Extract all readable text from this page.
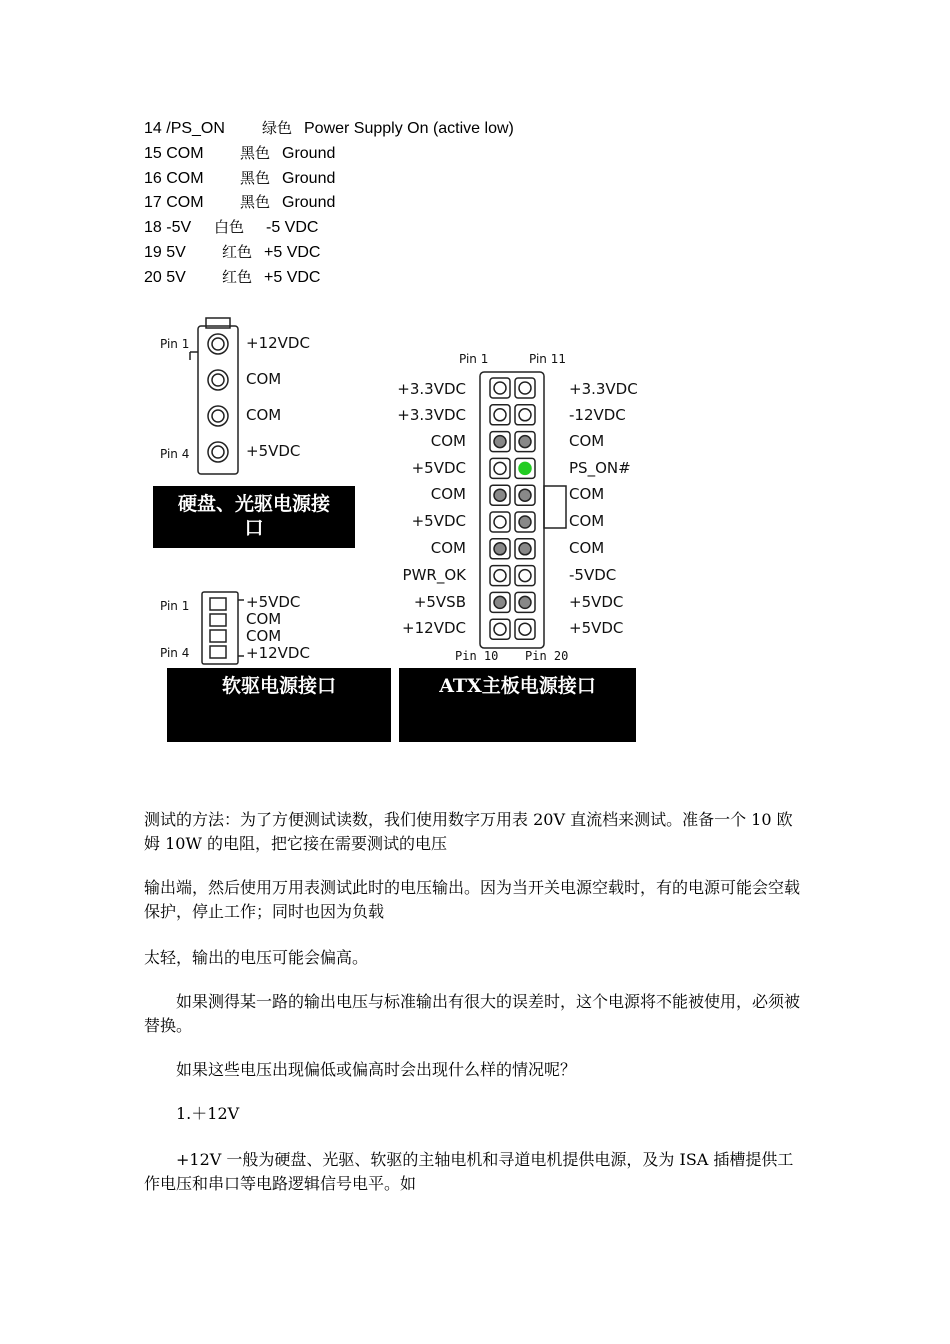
14 /PS_ON 绿色 Power Supply On (active low)
15 COM 黑色 Ground
16 COM 黑色 Ground
17 COM 黑色 Ground
18 -5V 白色 -5 VDC
19 5V 红色 +5 VDC
20 5V 红色 +5 VDC
Pin 1
Pin 4
+12VDC
COM
COM
+5VDC
硬盘、光驱电源接
口
Pin 1
Pin 4
+5VDC
COM
COM
+12VDC
软驱电源接口
Pin 1	Pin 11
Pin 10 Pin 20
+3.3VDC
+3.3VDC
COM
+5VDC
COM
+5VDC
COM
PWR_OK
+5VSB
+12VDC
+3.3VDC
-12VDC
COM
PS_ON#
COM
COM
COM
-5VDC
+5VDC
+5VDC
ATX主板电源接口
测试的方法：为了方便测试读数，我们使用数字万用表 20V 直流档来测试。准备一个 10 欧姆 10W 的电阻，把它接在需要测试的电压
输出端，然后使用万用表测试此时的电压输出。因为当开关电源空载时，有的电源可能会空载保护，停止工作；同时也因为负载
太轻，输出的电压可能会偏高。
如果测得某一路的输出电压与标准输出有很大的误差时，这个电源将不能被使用，必须被替换。
如果这些电压出现偏低或偏高时会出现什么样的情况呢？
1.＋12V
+12V 一般为硬盘、光驱、软驱的主轴电机和寻道电机提供电源，及为 ISA 插槽提供工作电压和串口等电路逻辑信号电平。如
